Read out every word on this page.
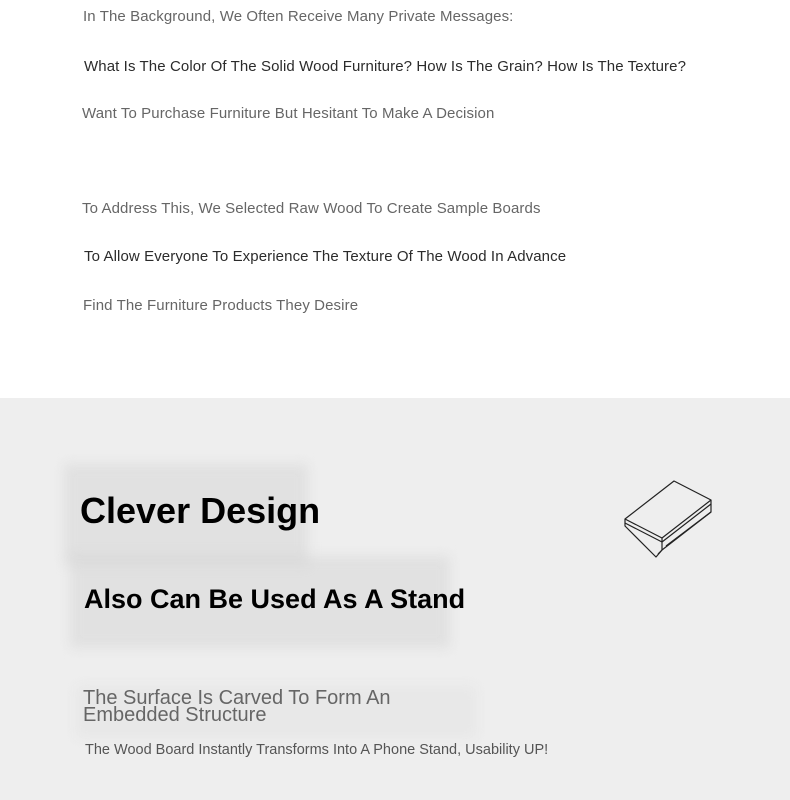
In The Background, We Often Receive Many Private Messages:
What Is The Color Of The Solid Wood Furniture? How Is The Grain? How Is The Texture?
Want To Purchase Furniture But Hesitant To Make A Decision
To Address This, We Selected Raw Wood To Create Sample Boards
To Allow Everyone To Experience The Texture Of The Wood In Advance
Find The Furniture Products They Desire
Clever Design
Also Can Be Used As A Stand
The Surface Is Carved To Form An Embedded Structure
The Wood Board Instantly Transforms Into A Phone Stand, Usability UP!
